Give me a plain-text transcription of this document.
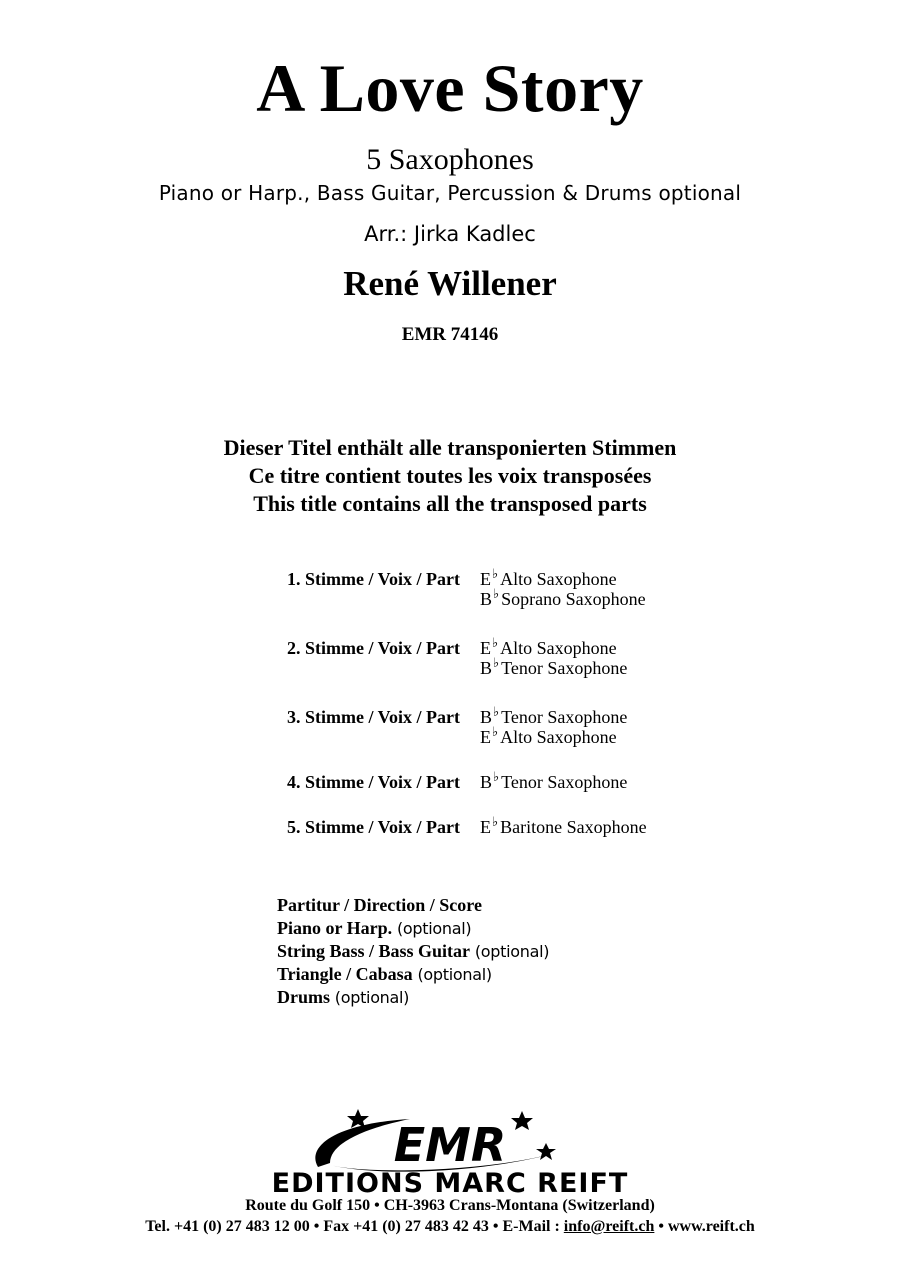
A Love Story
5 Saxophones
Piano or Harp., Bass Guitar, Percussion & Drums optional
Arr.: Jirka Kadlec
René Willener
EMR 74146
Dieser Titel enthält alle transponierten Stimmen
Ce titre contient toutes les voix transposées
This title contains all the transposed parts
1. Stimme / Voix / Part E♭ Alto Saxophone
B♭ Soprano Saxophone
2. Stimme / Voix / Part E♭ Alto Saxophone
B♭ Tenor Saxophone
3. Stimme / Voix / Part B♭ Tenor Saxophone
E♭ Alto Saxophone
4. Stimme / Voix / Part B♭ Tenor Saxophone
5. Stimme / Voix / Part E♭ Baritone Saxophone
Partitur / Direction / Score
Piano or Harp. (optional)
String Bass / Bass Guitar (optional)
Triangle / Cabasa (optional)
Drums (optional)
EMR
EDITIONS MARC REIFT
Route du Golf 150 • CH-3963 Crans-Montana (Switzerland)
Tel. +41 (0) 27 483 12 00 • Fax +41 (0) 27 483 42 43 • E-Mail : info@reift.ch • www.reift.ch
